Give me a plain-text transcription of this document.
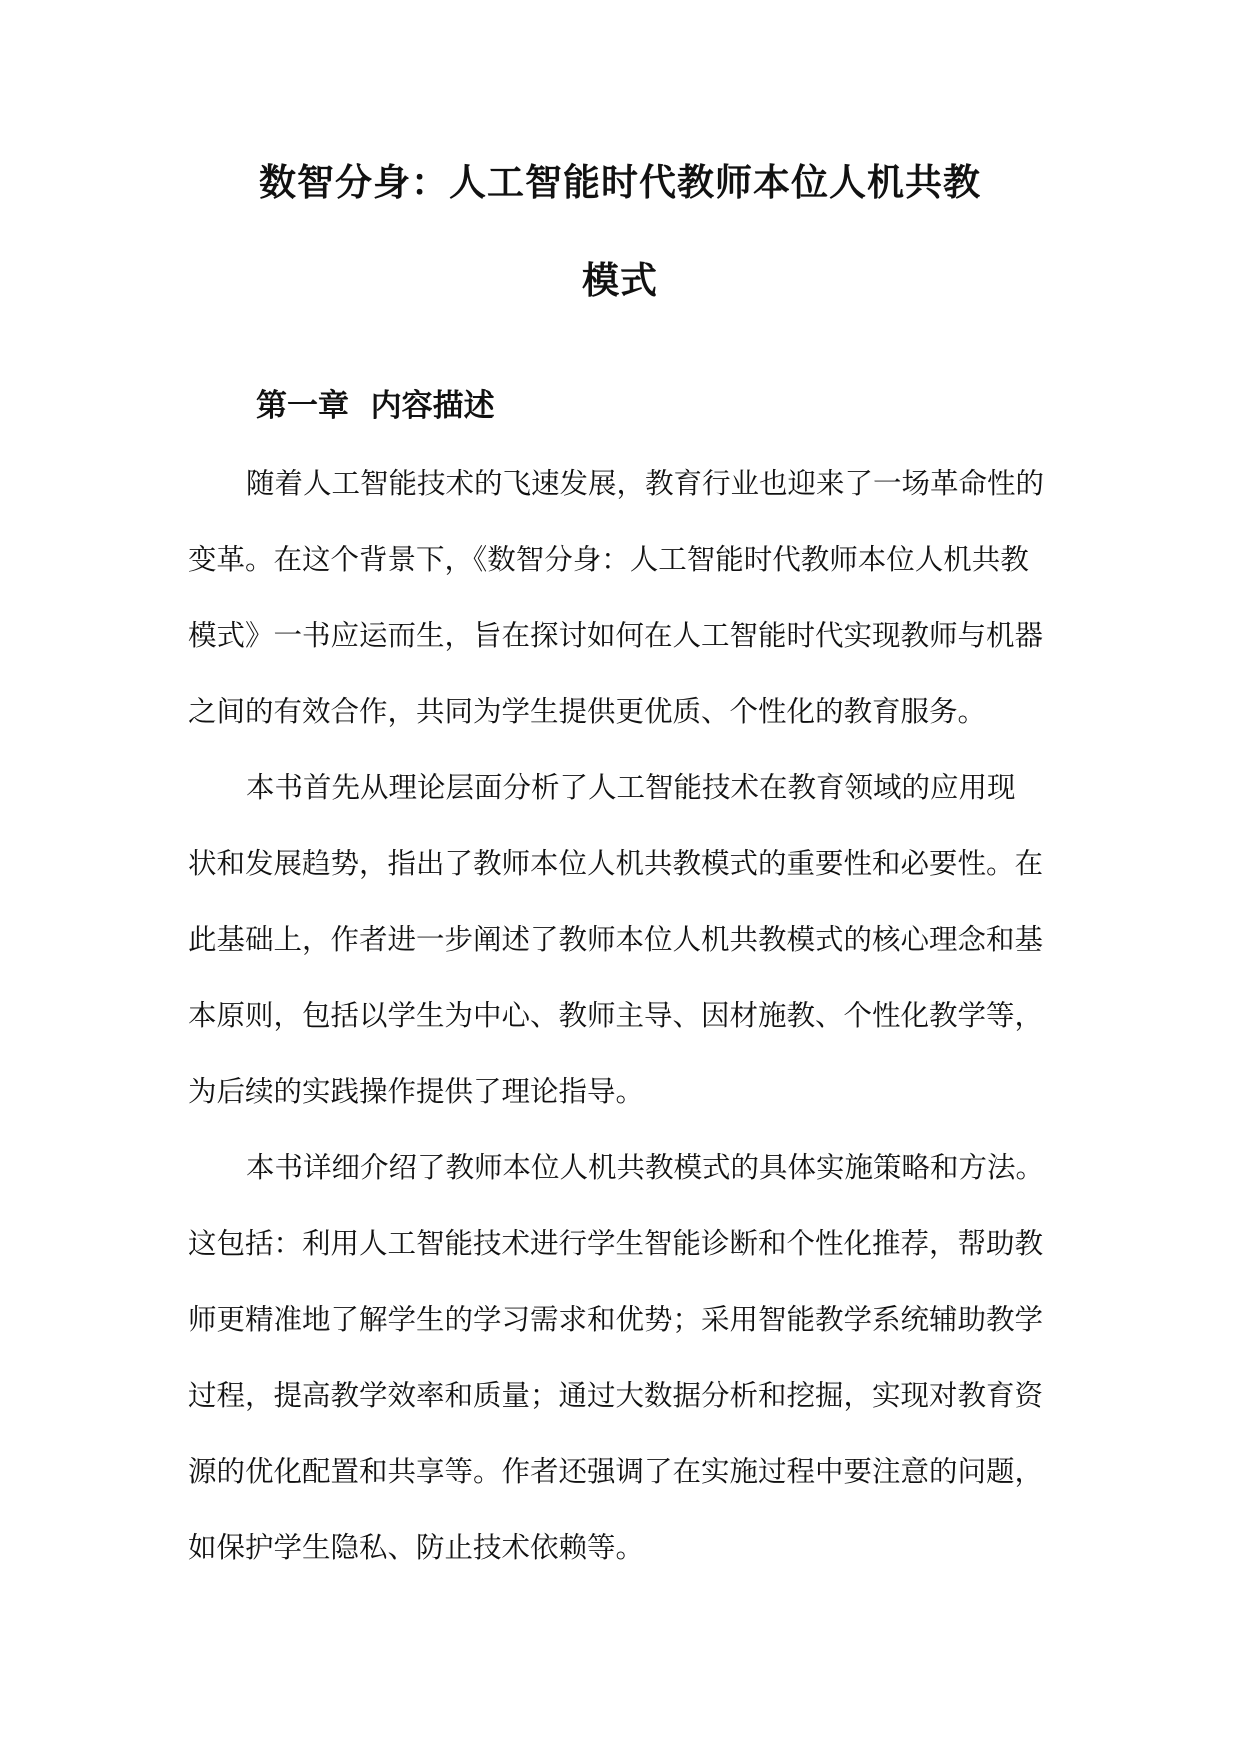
数智分身：人工智能时代教师本位人机共教
模式
第一章  内容描述
随着人工智能技术的飞速发展，教育行业也迎来了一场革命性的
变革。在这个背景下，《数智分身：人工智能时代教师本位人机共教
模式》一书应运而生，旨在探讨如何在人工智能时代实现教师与机器
之间的有效合作，共同为学生提供更优质、个性化的教育服务。
本书首先从理论层面分析了人工智能技术在教育领域的应用现
状和发展趋势，指出了教师本位人机共教模式的重要性和必要性。在
此基础上，作者进一步阐述了教师本位人机共教模式的核心理念和基
本原则，包括以学生为中心、教师主导、因材施教、个性化教学等，
为后续的实践操作提供了理论指导。
本书详细介绍了教师本位人机共教模式的具体实施策略和方法。
这包括：利用人工智能技术进行学生智能诊断和个性化推荐，帮助教
师更精准地了解学生的学习需求和优势；采用智能教学系统辅助教学
过程，提高教学效率和质量；通过大数据分析和挖掘，实现对教育资
源的优化配置和共享等。作者还强调了在实施过程中要注意的问题，
如保护学生隐私、防止技术依赖等。
